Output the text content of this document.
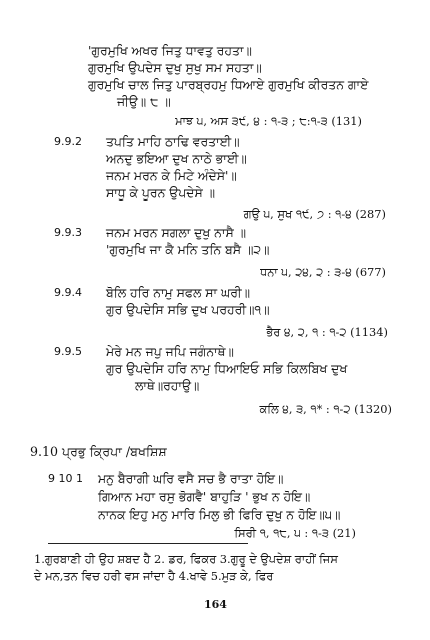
'ਗੁਰਮੁਖਿ ਅਖਰ ਜਿਤੁ ਧਾਵਤੁ ਰਹਤਾ॥
ਗੁਰਮੁਖਿ ਉਪਦੇਸ ਦੁਖੁ ਸੁਖੁ ਸਮ ਸਹਤਾ॥
ਗੁਰਮੁਖਿ ਚਾਲ ਜਿਤੁ ਪਾਰਬ੍ਰਹਮੁ ਧਿਆਏ ਗੁਰਮੁਖਿ ਕੀਰਤਨ ਗਾਏ
ਜੀਉ॥ ੮ ॥
ਮਾਝ ੫, ਅਸ ੩੯, ੪ : ੧-੩ ; ੮:੧-੩ (131)
9.9.2 ਤਪਤਿ ਮਾਹਿ ਠਾਢਿ ਵਰਤਾਈ॥
ਅਨਦੁ ਭਇਆ ਦੁਖ ਨਾਠੇ ਭਾਈ॥
ਜਨਮ ਮਰਨ ਕੇ ਮਿਟੇ ਅੰਦੇਸੇ'॥
ਸਾਧੂ ਕੇ ਪੂਰਨ ਉਪਦੇਸੇ ॥
ਗਉ ੫, ਸੁਖ ੧੯, ੭ : ੧-੪ (287)
9.9.3 ਜਨਮ ਮਰਨ ਸਗਲਾ ਦੁਖੁ ਨਾਸੈ ॥
'ਗੁਰਮੁਖਿ ਜਾ ਕੈ ਮਨਿ ਤਨਿ ਬਸੈ ॥੨॥
ਧਨਾ ੫, ੨੪, ੨ : ੩-੪ (677)
9.9.4 ਬੋਲਿ ਹਰਿ ਨਾਮੁ ਸਫਲ ਸਾ ਘਰੀ॥
ਗੁਰ ਉਪਦੇਸਿ ਸਭਿ ਦੁਖ ਪਰਹਰੀ॥੧॥
ਭੈਰ ੪, ੨, ੧ : ੧-੨ (1134)
9.9.5 ਮੇਰੇ ਮਨ ਜਪੁ ਜਪਿ ਜਗੰਨਾਥੇ॥
ਗੁਰ ਉਪਦੇਸਿ ਹਰਿ ਨਾਮੁ ਧਿਆਇਓ ਸਭਿ ਕਿਲਬਿਖ ਦੁਖ
ਲਾਥੇ॥ਰਹਾਉ॥
ਕਲਿ ੪, ੩, ੧* : ੧-੨ (1320)
9.10 ਪ੍ਰਭੁ ਕ੍ਰਿਪਾ /ਬਖਸ਼ਿਸ਼
9 10 1 ਮਨੁ ਬੈਰਾਗੀ ਘਰਿ ਵਸੈ ਸਚ ਭੈ ਰਾਤਾ ਹੋਇ॥
ਗਿਆਨ ਮਹਾ ਰਸੁ ਭੋਗਵੈ' ਬਾਹੁੜਿ ' ਭੁਖ ਨ ਹੋਇ॥
ਨਾਨਕ ਇਹੁ ਮਨੁ ਮਾਰਿ ਮਿਲੁ ਭੀ ਫਿਰਿ ਦੁਖੁ ਨ ਹੋਇ॥੫॥
ਸਿਰੀ ੧, ੧੮, ੫ : ੧-੩ (21)
1.ਗੁਰਬਾਣੀ ਹੀ ਉਹ ਸ਼ਬਦ ਹੈ 2. ਡਰ, ਫਿਕਰ 3.ਗੁਰੂ ਦੇ ਉਪਦੇਸ਼ ਰਾਹੀਂ ਜਿਸ
ਦੇ ਮਨ,ਤਨ ਵਿਚ ਹਰੀ ਵਸ ਜਾਂਦਾ ਹੈ 4.ਖਾਵੇ 5.ਮੁੜ ਕੇ, ਫਿਰ
164
